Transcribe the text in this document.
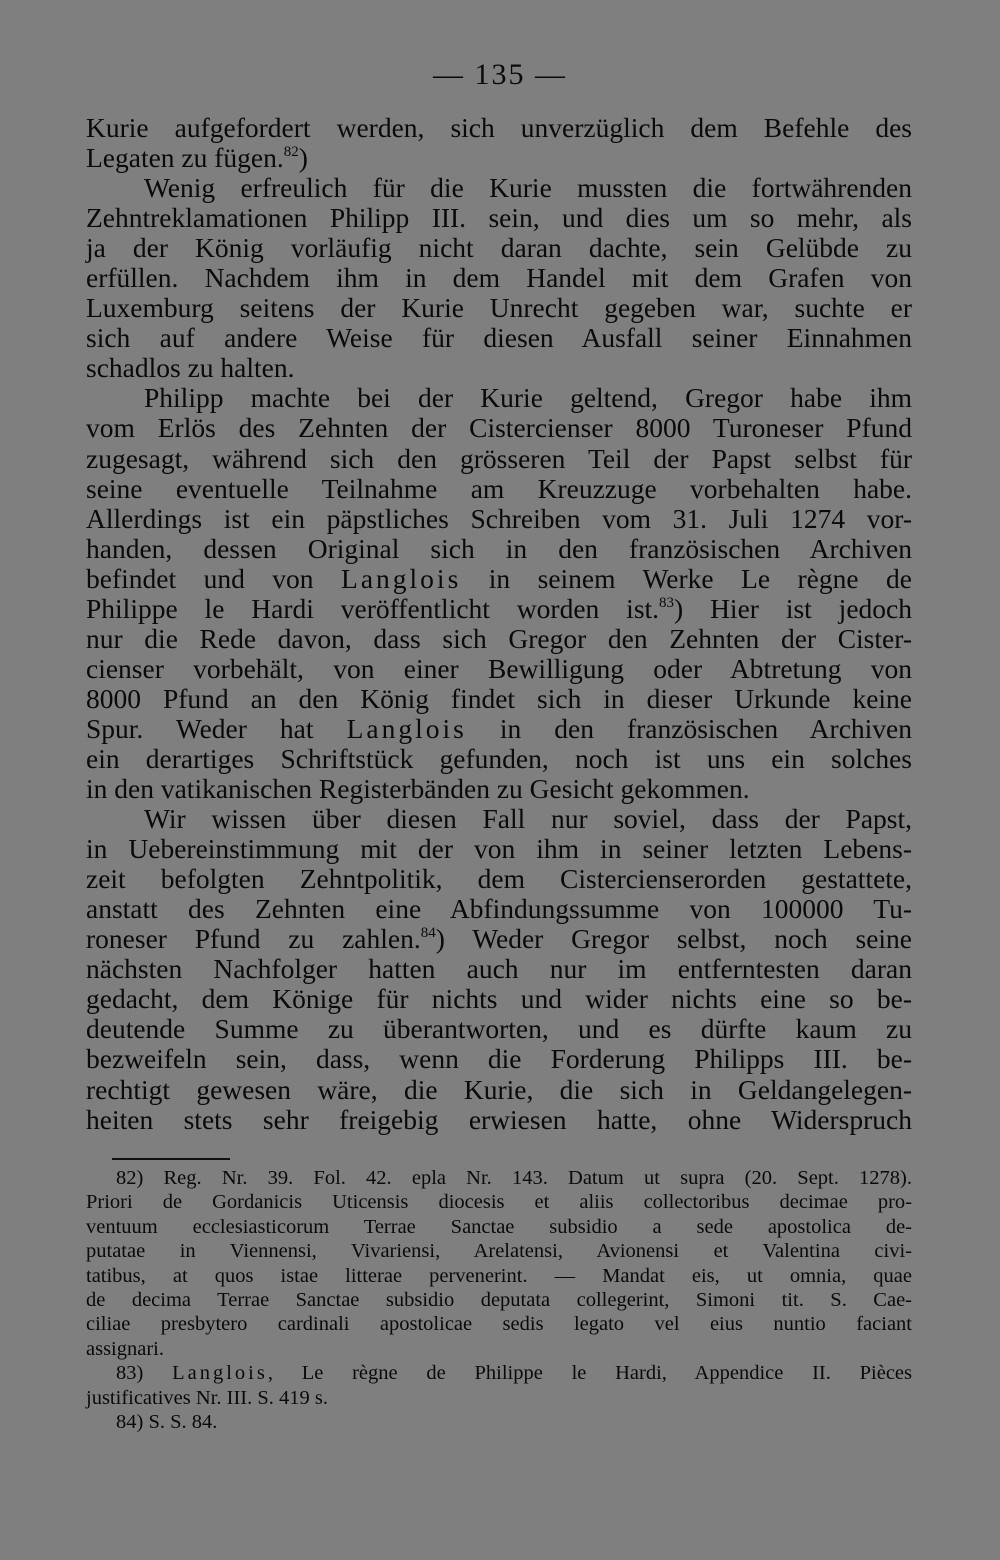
— 135 —
Kurie aufgefordert werden, sich unverzüglich dem Befehle des
Legaten zu fügen.$^{82}$)
Wenig erfreulich für die Kurie mussten die fortwährenden
Zehntreklamationen Philipp III. sein, und dies um so mehr, als
ja der König vorläufig nicht daran dachte, sein Gelübde zu
erfüllen. Nachdem ihm in dem Handel mit dem Grafen von
Luxemburg seitens der Kurie Unrecht gegeben war, suchte er
sich auf andere Weise für diesen Ausfall seiner Einnahmen
schadlos zu halten.
Philipp machte bei der Kurie geltend, Gregor habe ihm
vom Erlös des Zehnten der Cistercienser 8000 Turoneser Pfund
zugesagt, während sich den grösseren Teil der Papst selbst für
seine eventuelle Teilnahme am Kreuzzuge vorbehalten habe.
Allerdings ist ein päpstliches Schreiben vom 31. Juli 1274 vor-
handen, dessen Original sich in den französischen Archiven
befindet und von Langlois in seinem Werke Le règne de
Philippe le Hardi veröffentlicht worden ist.$^{83}$) Hier ist jedoch
nur die Rede davon, dass sich Gregor den Zehnten der Cister-
cienser vorbehält, von einer Bewilligung oder Abtretung von
8000 Pfund an den König findet sich in dieser Urkunde keine
Spur. Weder hat Langlois in den französischen Archiven
ein derartiges Schriftstück gefunden, noch ist uns ein solches
in den vatikanischen Registerbänden zu Gesicht gekommen.
Wir wissen über diesen Fall nur soviel, dass der Papst,
in Uebereinstimmung mit der von ihm in seiner letzten Lebens-
zeit befolgten Zehntpolitik, dem Cistercienserorden gestattete,
anstatt des Zehnten eine Abfindungssumme von 100000 Tu-
roneser Pfund zu zahlen.$^{84}$) Weder Gregor selbst, noch seine
nächsten Nachfolger hatten auch nur im entferntesten daran
gedacht, dem Könige für nichts und wider nichts eine so be-
deutende Summe zu überantworten, und es dürfte kaum zu
bezweifeln sein, dass, wenn die Forderung Philipps III. be-
rechtigt gewesen wäre, die Kurie, die sich in Geldangelegen-
heiten stets sehr freigebig erwiesen hatte, ohne Widerspruch
82) Reg. Nr. 39. Fol. 42. epla Nr. 143. Datum ut supra (20. Sept. 1278).
Priori de Gordanicis Uticensis diocesis et aliis collectoribus decimae pro-
ventuum ecclesiasticorum Terrae Sanctae subsidio a sede apostolica de-
putatae in Viennensi, Vivariensi, Arelatensi, Avionensi et Valentina civi-
tatibus, at quos istae litterae pervenerint. — Mandat eis, ut omnia, quae
de decima Terrae Sanctae subsidio deputata collegerint, Simoni tit. S. Cae-
ciliae presbytero cardinali apostolicae sedis legato vel eius nuntio faciant
assignari.
83) Langlois, Le règne de Philippe le Hardi, Appendice II. Pièces
justificatives Nr. III. S. 419 s.
84) S. S. 84.
